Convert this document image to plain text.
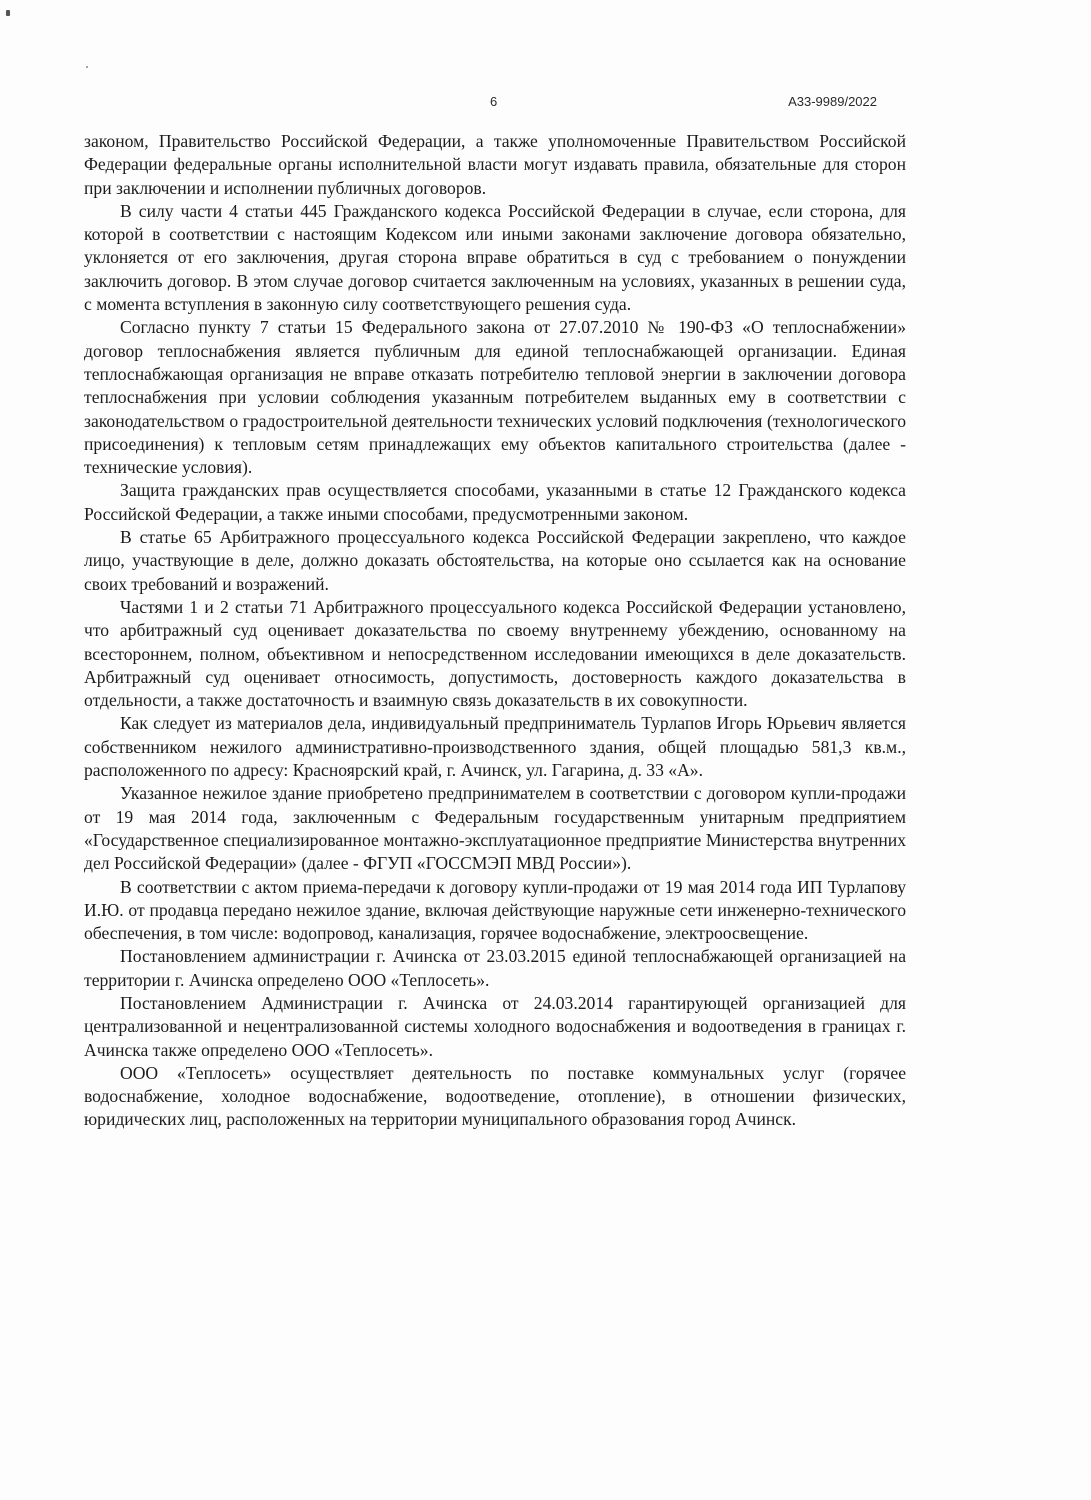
6	А33-9989/2022

законом, Правительство Российской Федерации, а также уполномоченные Правительством Российской Федерации федеральные органы исполнительной власти могут издавать правила, обязательные для сторон при заключении и исполнении публичных договоров.

В силу части 4 статьи 445 Гражданского кодекса Российской Федерации в случае, если сторона, для которой в соответствии с настоящим Кодексом или иными законами заключение договора обязательно, уклоняется от его заключения, другая сторона вправе обратиться в суд с требованием о понуждении заключить договор. В этом случае договор считается заключенным на условиях, указанных в решении суда, с момента вступления в законную силу соответствующего решения суда.

Согласно пункту 7 статьи 15 Федерального закона от 27.07.2010 № 190-ФЗ «О теплоснабжении» договор теплоснабжения является публичным для единой теплоснабжающей организации. Единая теплоснабжающая организация не вправе отказать потребителю тепловой энергии в заключении договора теплоснабжения при условии соблюдения указанным потребителем выданных ему в соответствии с законодательством о градостроительной деятельности технических условий подключения (технологического присоединения) к тепловым сетям принадлежащих ему объектов капитального строительства (далее - технические условия).

Защита гражданских прав осуществляется способами, указанными в статье 12 Гражданского кодекса Российской Федерации, а также иными способами, предусмотренными законом.

В статье 65 Арбитражного процессуального кодекса Российской Федерации закреплено, что каждое лицо, участвующие в деле, должно доказать обстоятельства, на которые оно ссылается как на основание своих требований и возражений.

Частями 1 и 2 статьи 71 Арбитражного процессуального кодекса Российской Федерации установлено, что арбитражный суд оценивает доказательства по своему внутреннему убеждению, основанному на всестороннем, полном, объективном и непосредственном исследовании имеющихся в деле доказательств. Арбитражный суд оценивает относимость, допустимость, достоверность каждого доказательства в отдельности, а также достаточность и взаимную связь доказательств в их совокупности.

Как следует из материалов дела, индивидуальный предприниматель Турлапов Игорь Юрьевич является собственником нежилого административно-производственного здания, общей площадью 581,3 кв.м., расположенного по адресу: Красноярский край, г. Ачинск, ул. Гагарина, д. 33 «А».

Указанное нежилое здание приобретено предпринимателем в соответствии с договором купли-продажи от 19 мая 2014 года, заключенным с Федеральным государственным унитарным предприятием «Государственное специализированное монтажно-эксплуатационное предприятие Министерства внутренних дел Российской Федерации» (далее - ФГУП «ГОССМЭП МВД России»).

В соответствии с актом приема-передачи к договору купли-продажи от 19 мая 2014 года ИП Турлапову И.Ю. от продавца передано нежилое здание, включая действующие наружные сети инженерно-технического обеспечения, в том числе: водопровод, канализация, горячее водоснабжение, электроосвещение.

Постановлением администрации г. Ачинска от 23.03.2015 единой теплоснабжающей организацией на территории г. Ачинска определено ООО «Теплосеть».

Постановлением Администрации г. Ачинска от 24.03.2014 гарантирующей организацией для централизованной и нецентрализованной системы холодного водоснабжения и водоотведения в границах г. Ачинска также определено ООО «Теплосеть».

ООО «Теплосеть» осуществляет деятельность по поставке коммунальных услуг (горячее водоснабжение, холодное водоснабжение, водоотведение, отопление), в отношении физических, юридических лиц, расположенных на территории муниципального образования город Ачинск.
